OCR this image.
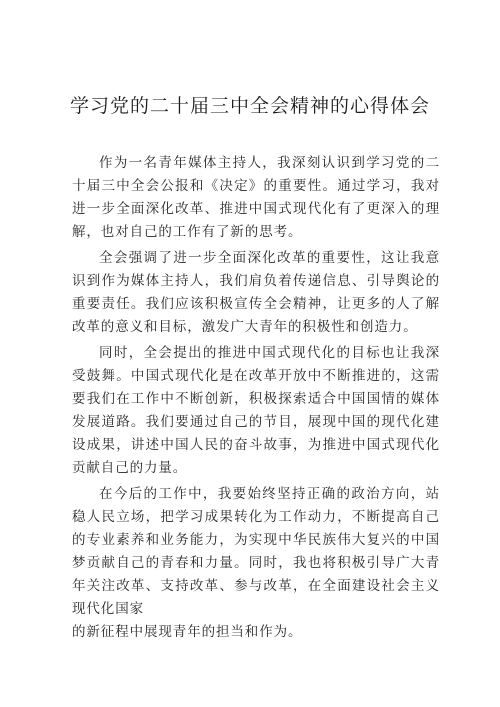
学习党的二十届三中全会精神的心得体会

作为一名青年媒体主持人，我深刻认识到学习党的二十届三中全会公报和《决定》的重要性。通过学习，我对进一步全面深化改革、推进中国式现代化有了更深入的理解，也对自己的工作有了新的思考。

全会强调了进一步全面深化改革的重要性，这让我意识到作为媒体主持人，我们肩负着传递信息、引导舆论的重要责任。我们应该积极宣传全会精神，让更多的人了解改革的意义和目标，激发广大青年的积极性和创造力。

同时，全会提出的推进中国式现代化的目标也让我深受鼓舞。中国式现代化是在改革开放中不断推进的，这需要我们在工作中不断创新，积极探索适合中国国情的媒体发展道路。我们要通过自己的节目，展现中国的现代化建设成果，讲述中国人民的奋斗故事，为推进中国式现代化贡献自己的力量。

在今后的工作中，我要始终坚持正确的政治方向，站稳人民立场，把学习成果转化为工作动力，不断提高自己的专业素养和业务能力，为实现中华民族伟大复兴的中国梦贡献自己的青春和力量。同时，我也将积极引导广大青年关注改革、支持改革、参与改革，在全面建设社会主义现代化国家
的新征程中展现青年的担当和作为。
